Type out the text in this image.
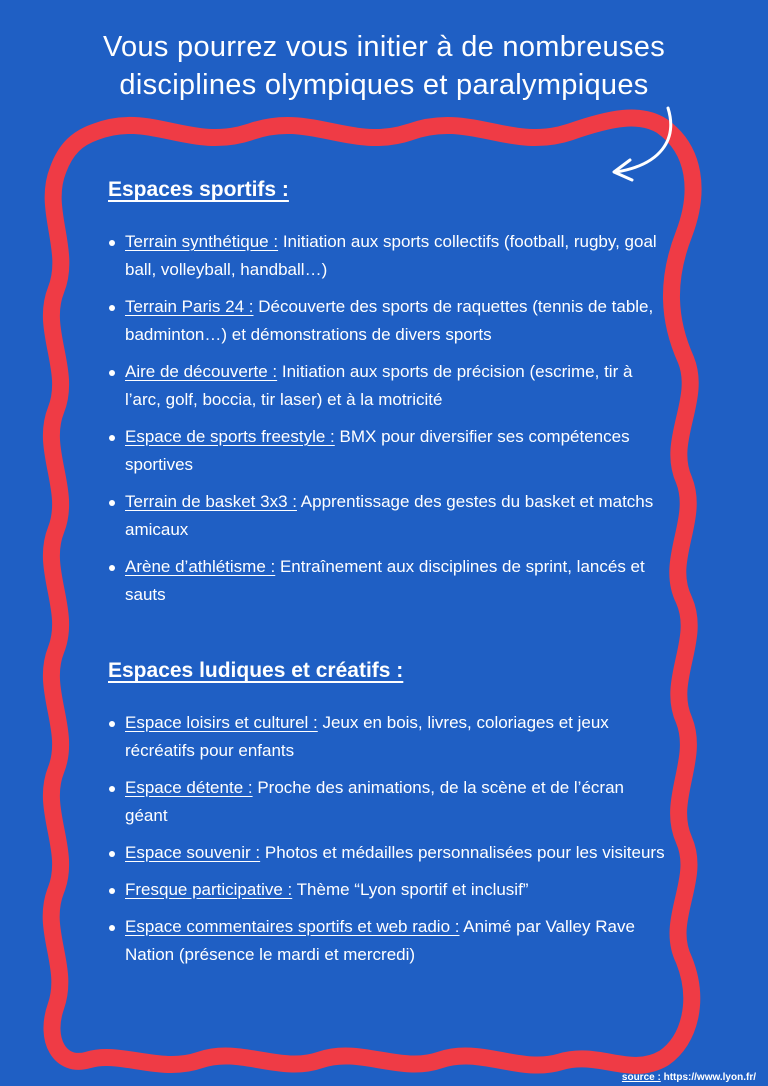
Vous pourrez vous initier à de nombreuses
disciplines olympiques et paralympiques
Espaces sportifs :
Terrain synthétique : Initiation aux sports collectifs (football, rugby, goal ball, volleyball, handball…)
Terrain Paris 24 : Découverte des sports de raquettes (tennis de table, badminton…) et démonstrations de divers sports
Aire de découverte : Initiation aux sports de précision (escrime, tir à l’arc, golf, boccia, tir laser) et à la motricité
Espace de sports freestyle : BMX pour diversifier ses compétences sportives
Terrain de basket 3x3 : Apprentissage des gestes du basket et matchs amicaux
Arène d’athlétisme : Entraînement aux disciplines de sprint, lancés et sauts
Espaces ludiques et créatifs :
Espace loisirs et culturel : Jeux en bois, livres, coloriages et jeux récréatifs pour enfants
Espace détente : Proche des animations, de la scène et de l’écran géant
Espace souvenir : Photos et médailles personnalisées pour les visiteurs
Fresque participative : Thème “Lyon sportif et inclusif”
Espace commentaires sportifs et web radio : Animé par Valley Rave Nation (présence le mardi et mercredi)
source : https://www.lyon.fr/
